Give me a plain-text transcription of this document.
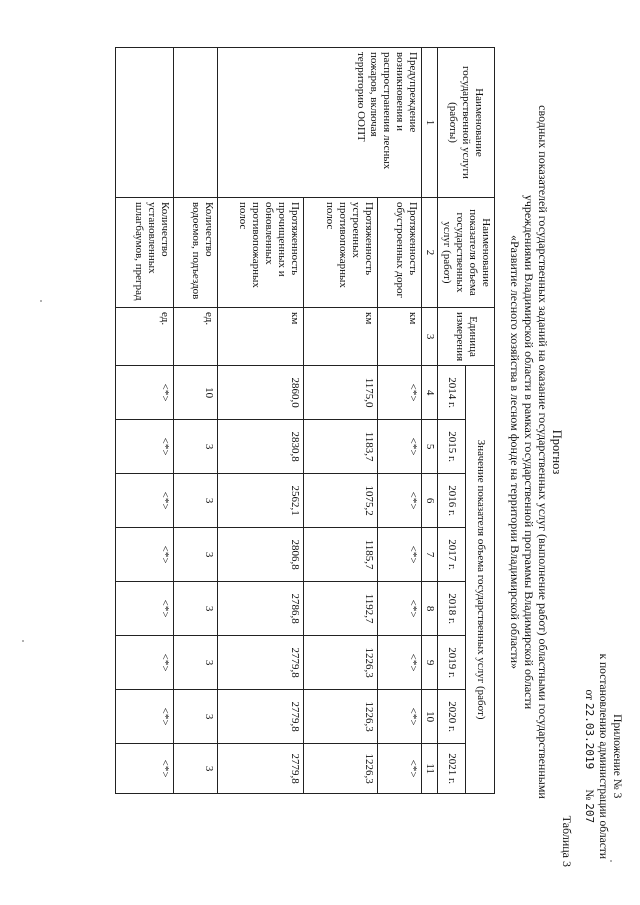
Приложение № 3
к постановлению администрации области
от 22.03.2019       № 207
Таблица 3
Прогноз
сводных показателей государственных заданий на оказание государственных услуг (выполнение работ) областными государственными
учреждениями Владимирской области в рамках государственной программы Владимирской области
«Развитие лесного хозяйства в лесном фонде на территории Владимирской области»
Наименование государственной услуги (работы)	Наименование показателя объема государственных услуг (работ)	Единица измерения	Значение показателя объема государственных услуг (работ)							
			2014 г.	2015 г.	2016 г.	2017 г.	2018 г.	2019 г.	2020 г.	2021 г.
1	2	3	4	5	6	7	8	9	10	11
Предупреждение возникновения и распространения лесных пожаров, включая территорию ООПТ	Протяженность обустроенных дорог	км	<*>	<*>	<*>	<*>	<*>	<*>	<*>	<*>
	Протяженность устроенных противопожарных полос	км	1175,0	1183,7	1075,2	1185,7	1192,7	1226,3	1226,3	1226,3
	Протяженность прочищенных и обновленных противопожарных полос	км	2860,0	2830,8	2562,1	2806,8	2786,8	2779,8	2779,8	2779,8
	Количество водоемов, подъездов	ед.	10	3	3	3	3	3	3	3
	Количество установленных шлагбаумов, преград	ед.	<*>	<*>	<*>	<*>	<*>	<*>	<*>	<*>
